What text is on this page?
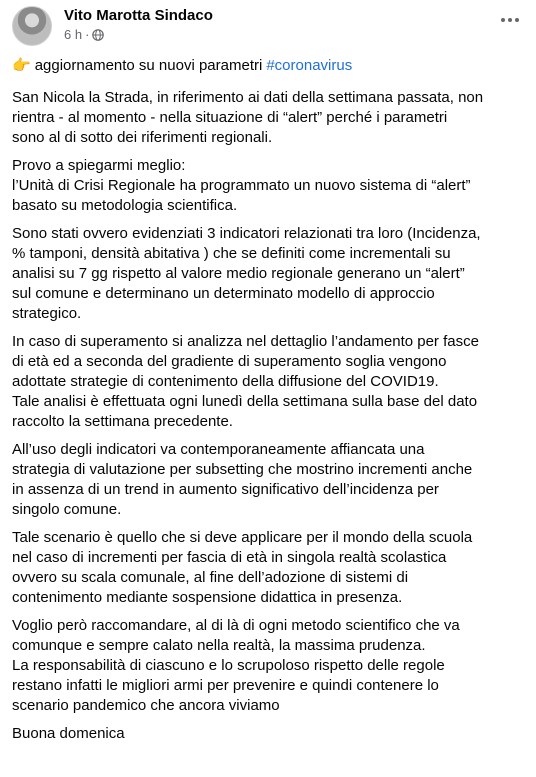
Vito Marotta Sindaco
6 h ·
👉 aggiornamento su nuovi parametri #coronavirus

San Nicola la Strada, in riferimento ai dati della settimana passata, non
rientra - al momento - nella situazione di “alert” perché i parametri
sono al di sotto dei riferimenti regionali.

Provo a spiegarmi meglio:
l’Unità di Crisi Regionale ha programmato un nuovo sistema di “alert”
basato su metodologia scientifica.

Sono stati ovvero evidenziati 3 indicatori relazionati tra loro (Incidenza,
% tamponi, densità abitativa ) che se definiti come incrementali su
analisi su 7 gg rispetto al valore medio regionale generano un “alert”
sul comune e determinano un determinato modello di approccio
strategico.

In caso di superamento si analizza nel dettaglio l’andamento per fasce
di età ed a seconda del gradiente di superamento soglia vengono
adottate strategie di contenimento della diffusione del COVID19.
Tale analisi è effettuata ogni lunedì della settimana sulla base del dato
raccolto la settimana precedente.

All’uso degli indicatori va contemporaneamente affiancata una
strategia di valutazione per subsetting che mostrino incrementi anche
in assenza di un trend in aumento significativo dell’incidenza per
singolo comune.

Tale scenario è quello che si deve applicare per il mondo della scuola
nel caso di incrementi per fascia di età in singola realtà scolastica
ovvero su scala comunale, al fine dell’adozione di sistemi di
contenimento mediante sospensione didattica in presenza.

Voglio però raccomandare, al di là di ogni metodo scientifico che va
comunque e sempre calato nella realtà, la massima prudenza.
La responsabilità di ciascuno e lo scrupoloso rispetto delle regole
restano infatti le migliori armi per prevenire e quindi contenere lo
scenario pandemico che ancora viviamo

Buona domenica
